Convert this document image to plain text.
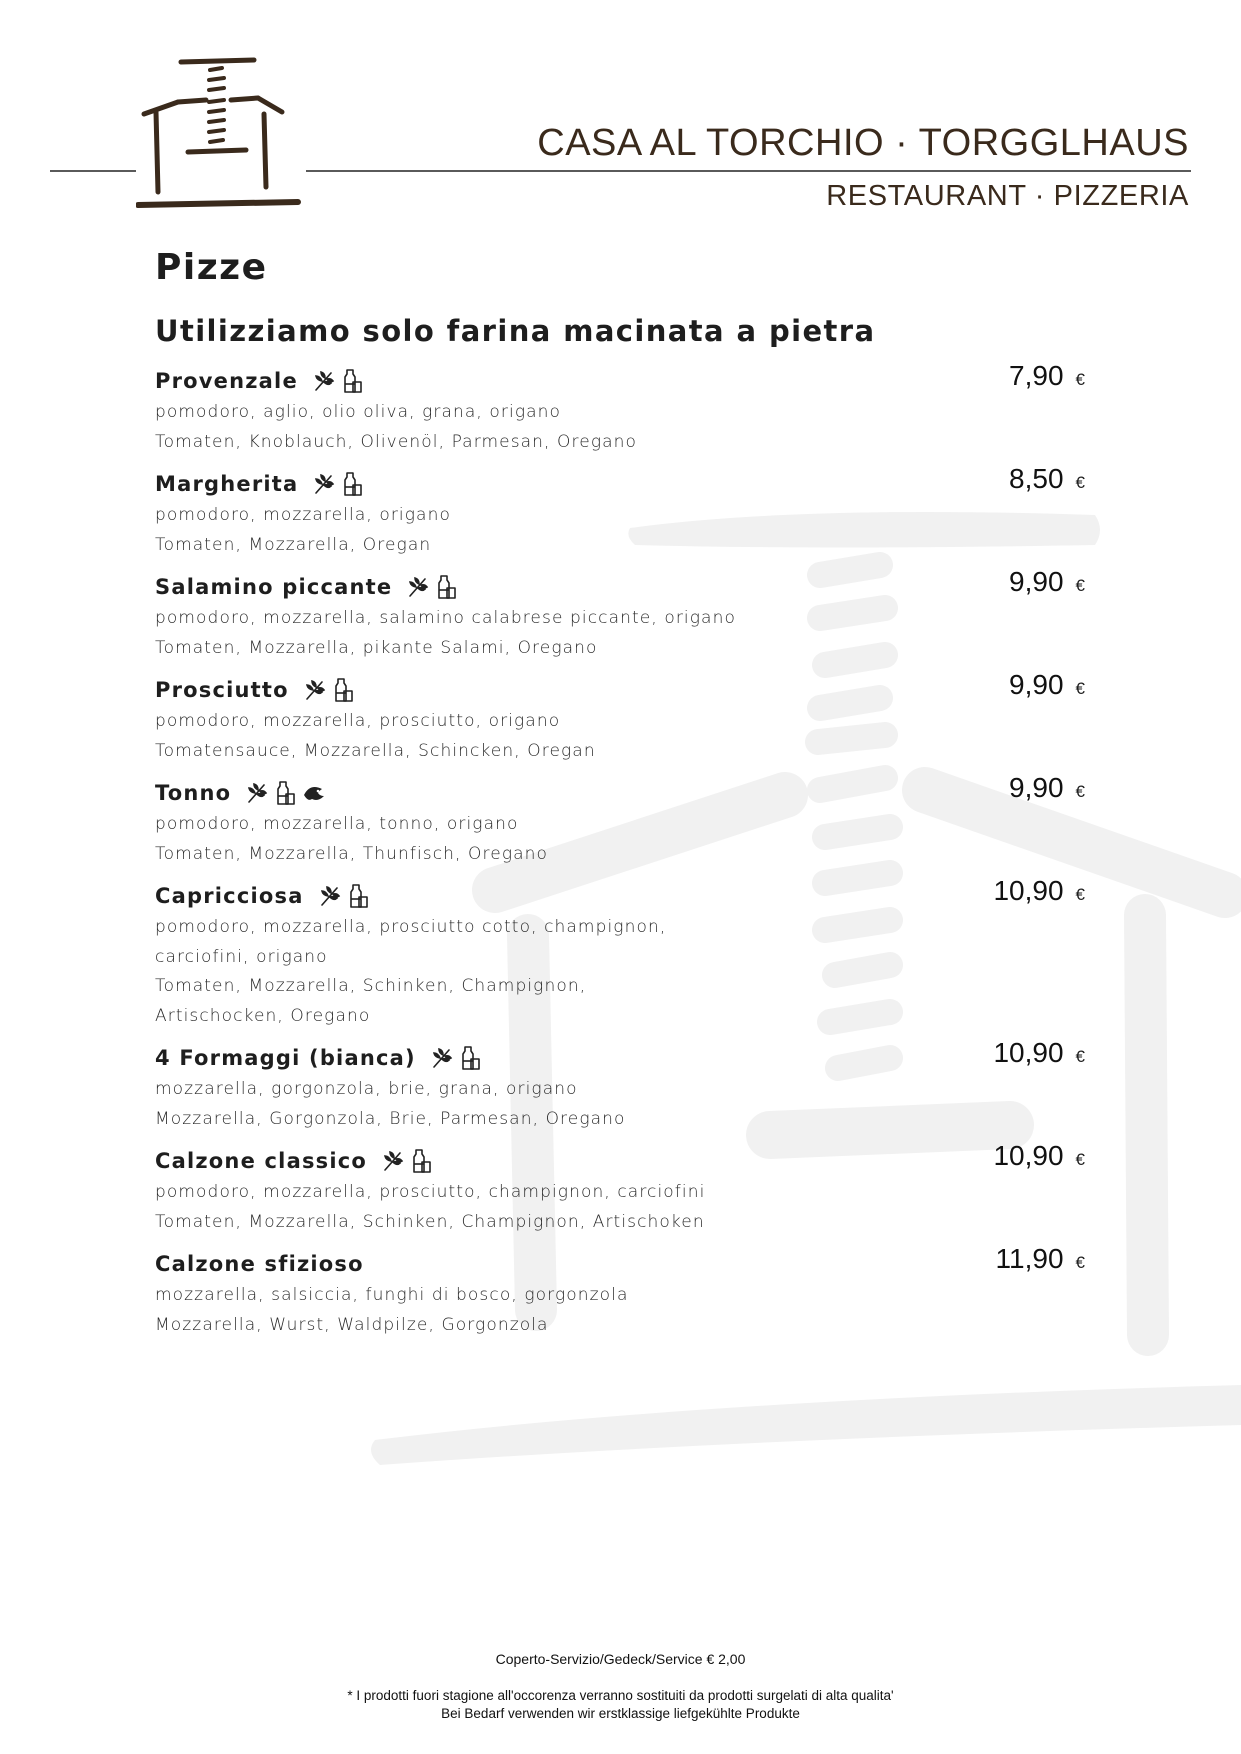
CASA AL TORCHIO · TORGGLHAUS
RESTAURANT · PIZZERIA
Pizze
Utilizziamo solo farina macinata a pietra
Provenzale	7,90 €
pomodoro, aglio, olio oliva, grana, origano
Tomaten, Knoblauch, Olivenöl, Parmesan, Oregano
Margherita	8,50 €
pomodoro, mozzarella, origano
Tomaten, Mozzarella, Oregan
Salamino piccante	9,90 €
pomodoro, mozzarella, salamino calabrese piccante, origano
Tomaten, Mozzarella, pikante Salami, Oregano
Prosciutto	9,90 €
pomodoro, mozzarella, prosciutto, origano
Tomatensauce, Mozzarella, Schincken, Oregan
Tonno	9,90 €
pomodoro, mozzarella, tonno, origano
Tomaten, Mozzarella, Thunfisch, Oregano
Capricciosa	10,90 €
pomodoro, mozzarella, prosciutto cotto, champignon,
carciofini, origano
Tomaten, Mozzarella, Schinken, Champignon,
Artischocken, Oregano
4 Formaggi (bianca)	10,90 €
mozzarella, gorgonzola, brie, grana, origano
Mozzarella, Gorgonzola, Brie, Parmesan, Oregano
Calzone classico	10,90 €
pomodoro, mozzarella, prosciutto, champignon, carciofini
Tomaten, Mozzarella, Schinken, Champignon, Artischoken
Calzone sfizioso	11,90 €
mozzarella, salsiccia, funghi di bosco, gorgonzola
Mozzarella, Wurst, Waldpilze, Gorgonzola
Coperto-Servizio/Gedeck/Service € 2,00
* I prodotti fuori stagione all'occorenza verranno sostituiti da prodotti surgelati di alta qualita'
Bei Bedarf verwenden wir erstklassige liefgekühlte Produkte
